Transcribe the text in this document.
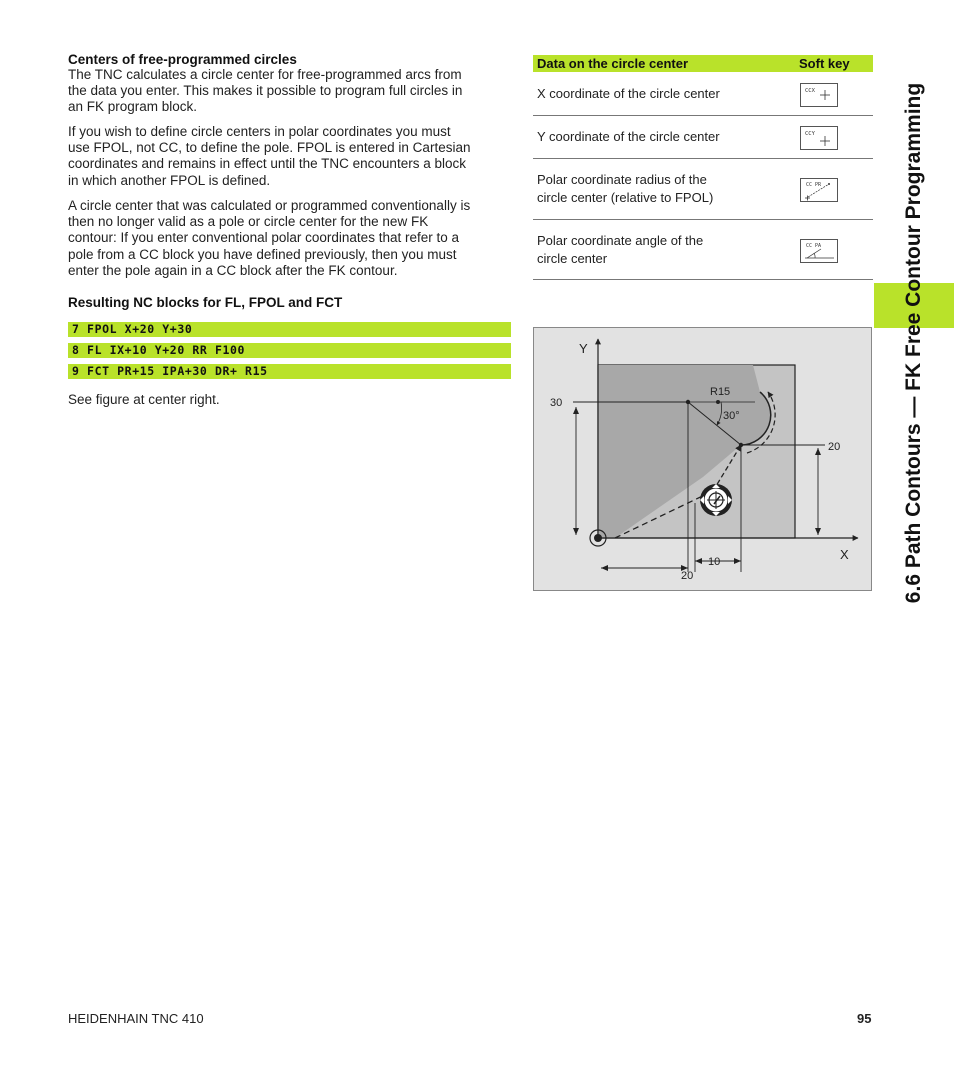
Centers of free-programmed circles
The TNC calculates a circle center for free-programmed arcs from
the data you enter. This makes it possible to program full circles in
an FK program block.
If you wish to define circle centers in polar coordinates you must
use FPOL, not CC, to define the pole. FPOL is entered in Cartesian
coordinates and remains in effect until the TNC encounters a block
in which another FPOL is defined.
A circle center that was calculated or programmed conventionally is
then no longer valid as a pole or circle center for the new FK
contour: If you enter conventional polar coordinates that refer to a
pole from a CC block you have defined previously, then you must
enter the pole again in a CC block after the FK contour.
Resulting NC blocks for FL, FPOL and FCT
7 FPOL X+20 Y+30
8 FL IX+10 Y+20 RR F100
9 FCT PR+15 IPA+30 DR+ R15
See figure at center right.
Data on the circle center	Soft key
X coordinate of the circle center	CCX
Y coordinate of the circle center	CCY
Polar coordinate radius of the
circle center (relative to FPOL)
CC PR
Polar coordinate angle of the
circle center
CC PA
Y
X
R15
30°
30
20
10
20	6.6 Path Contours — FK Free Contour Programming
HEIDENHAIN TNC 410	95
